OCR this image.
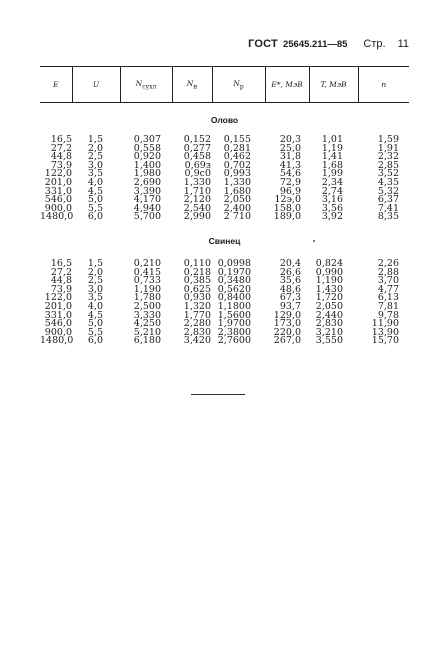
ГОСТ 25645.211—85 Стр. 11
E	U	$N_{сухл}$	$N_н$	$N_p$	E*, МэВ	T, МэВ	n
Олово							
16,5	1,5	0,307	0,152	0,155	20,3	1,01	1,59
27,2	2,0	0,558	0,277	0,281	25,0	1,19	1,91
44,8	2,5	0,920	0,458	0,462	31,8	1,41	2,32
73,9	3,0	1,400	0,69з	0,702	41,3	1,68	2,85
122,0	3,5	1,980	0,9с0	0,993	54,6	1,99	3,52
201,0	4,0	2,690	1,330	1,330	72,9	2,34	4,35
331,0	4,5	3,390	1,710	1,680	96,9	2,74	5,32
546,0	5,0	4,170	2,120	2,050	12э,0	3,16	6,37
900,0	5,5	4,940	2,540	2,400	158,0	3,56	7,41
1480,0	6,0	5,700	2,990	2 710	189,0	3,92	8,35
Свинец							
16,5	1,5	0,210	0,110	0,0998	20,4	0,824	2,26
27,2	2,0	0,415	0,218	0,1970	26,6	0,990	2,88
44,8	2,5	0,733	0,385	0,3480	35,6	1,190	3,70
73,9	3,0	1,190	0,625	0,5620	48,6	1,430	4,77
122,0	3,5	1,780	0,930	0,8400	67,3	1,720	6,13
201,0	4,0	2,500	1,320	1,1800	93,7	2,050	7,81
331,0	4,5	3,330	1,770	1,5600	129,0	2,440	9,78
546,0	5,0	4,250	2,280	1,9700	173,0	2,830	11,90
900,0	5,5	5,210	2,830	2,3800	220,0	3,210	13,90
1480,0	6,0	6,180	3,420	2,7600	267,0	3,550	15,70
